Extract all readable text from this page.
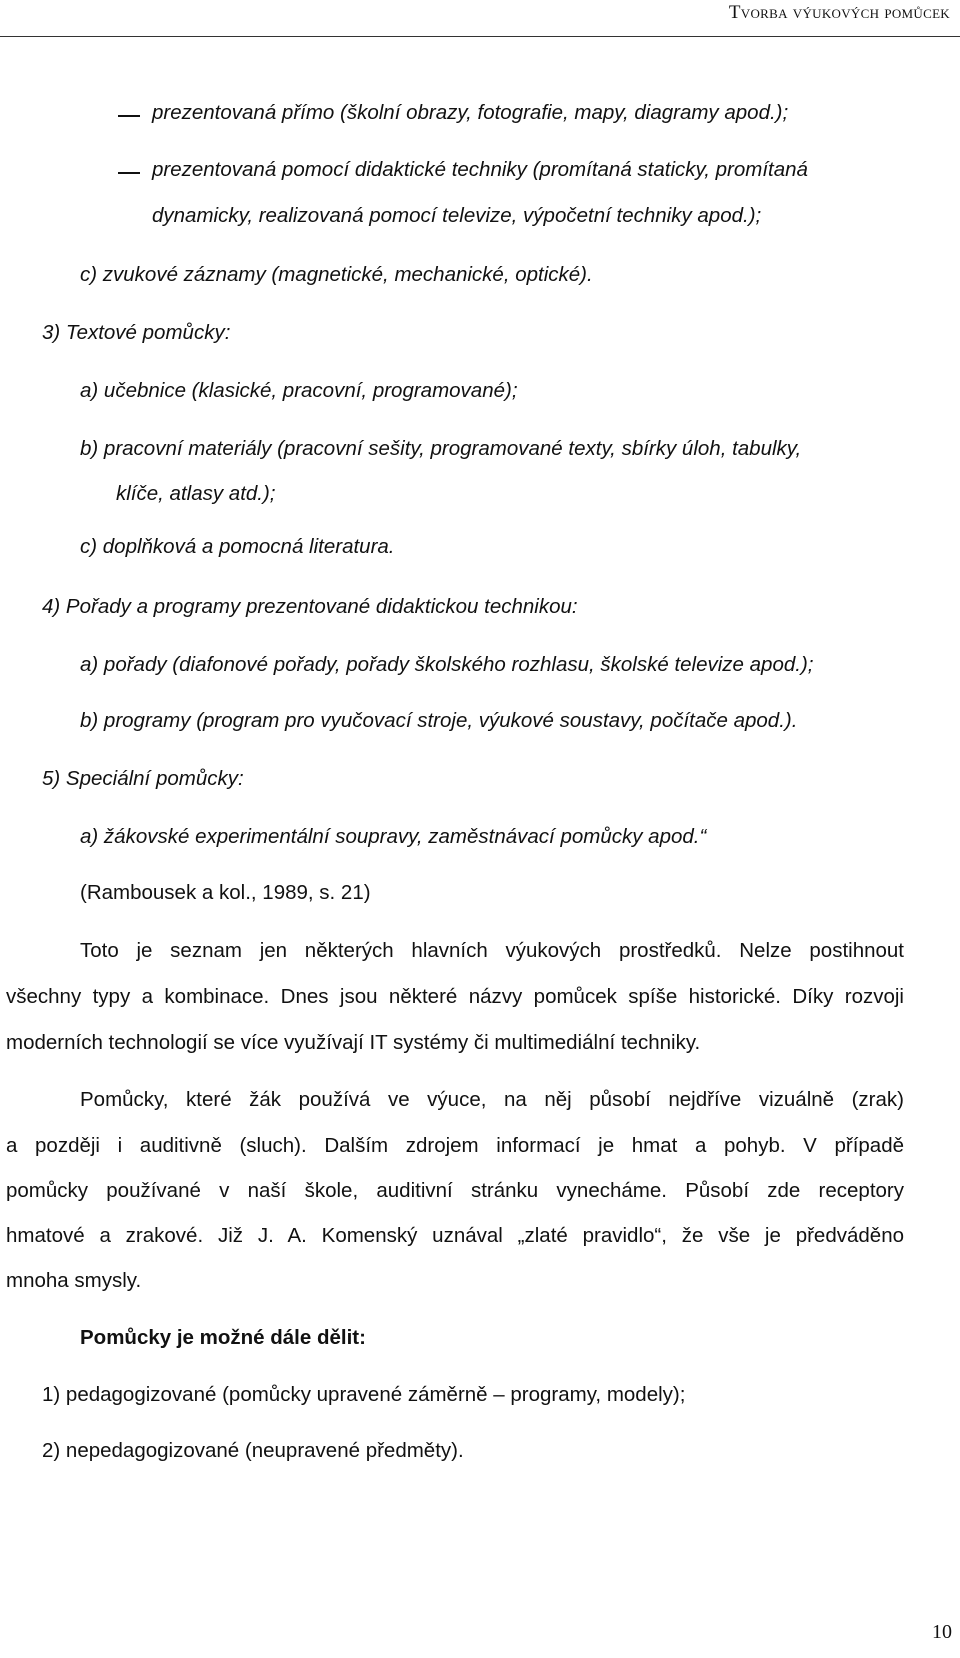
Tvorba výukových pomůcek
prezentovaná přímo (školní obrazy, fotografie, mapy, diagramy apod.);
prezentovaná pomocí didaktické techniky (promítaná staticky, promítaná
dynamicky, realizovaná pomocí televize, výpočetní techniky apod.);
c) zvukové záznamy (magnetické, mechanické, optické).
3) Textové pomůcky:
a) učebnice (klasické, pracovní, programované);
b) pracovní materiály (pracovní sešity, programované texty, sbírky úloh, tabulky,
klíče, atlasy atd.);
c) doplňková a pomocná literatura.
4) Pořady a programy prezentované didaktickou technikou:
a) pořady (diafonové pořady, pořady školského rozhlasu, školské televize apod.);
b) programy (program pro vyučovací stroje, výukové soustavy, počítače apod.).
5) Speciální pomůcky:
a) žákovské experimentální soupravy, zaměstnávací pomůcky apod.“
(Rambousek a kol., 1989, s. 21)
Toto je seznam jen některých hlavních výukových prostředků. Nelze postihnout
všechny typy a kombinace. Dnes jsou některé názvy pomůcek spíše historické. Díky rozvoji
moderních technologií se více využívají IT systémy či multimediální techniky.
Pomůcky, které žák používá ve výuce, na něj působí nejdříve vizuálně (zrak)
a později i auditivně (sluch). Dalším zdrojem informací je hmat a pohyb. V případě
pomůcky používané v naší škole, auditivní stránku vynecháme. Působí zde receptory
hmatové a zrakové. Již J. A. Komenský uznával „zlaté pravidlo“, že vše je předváděno
mnoha smysly.
Pomůcky je možné dále dělit:
1) pedagogizované (pomůcky upravené záměrně – programy, modely);
2) nepedagogizované (neupravené předměty).
10
